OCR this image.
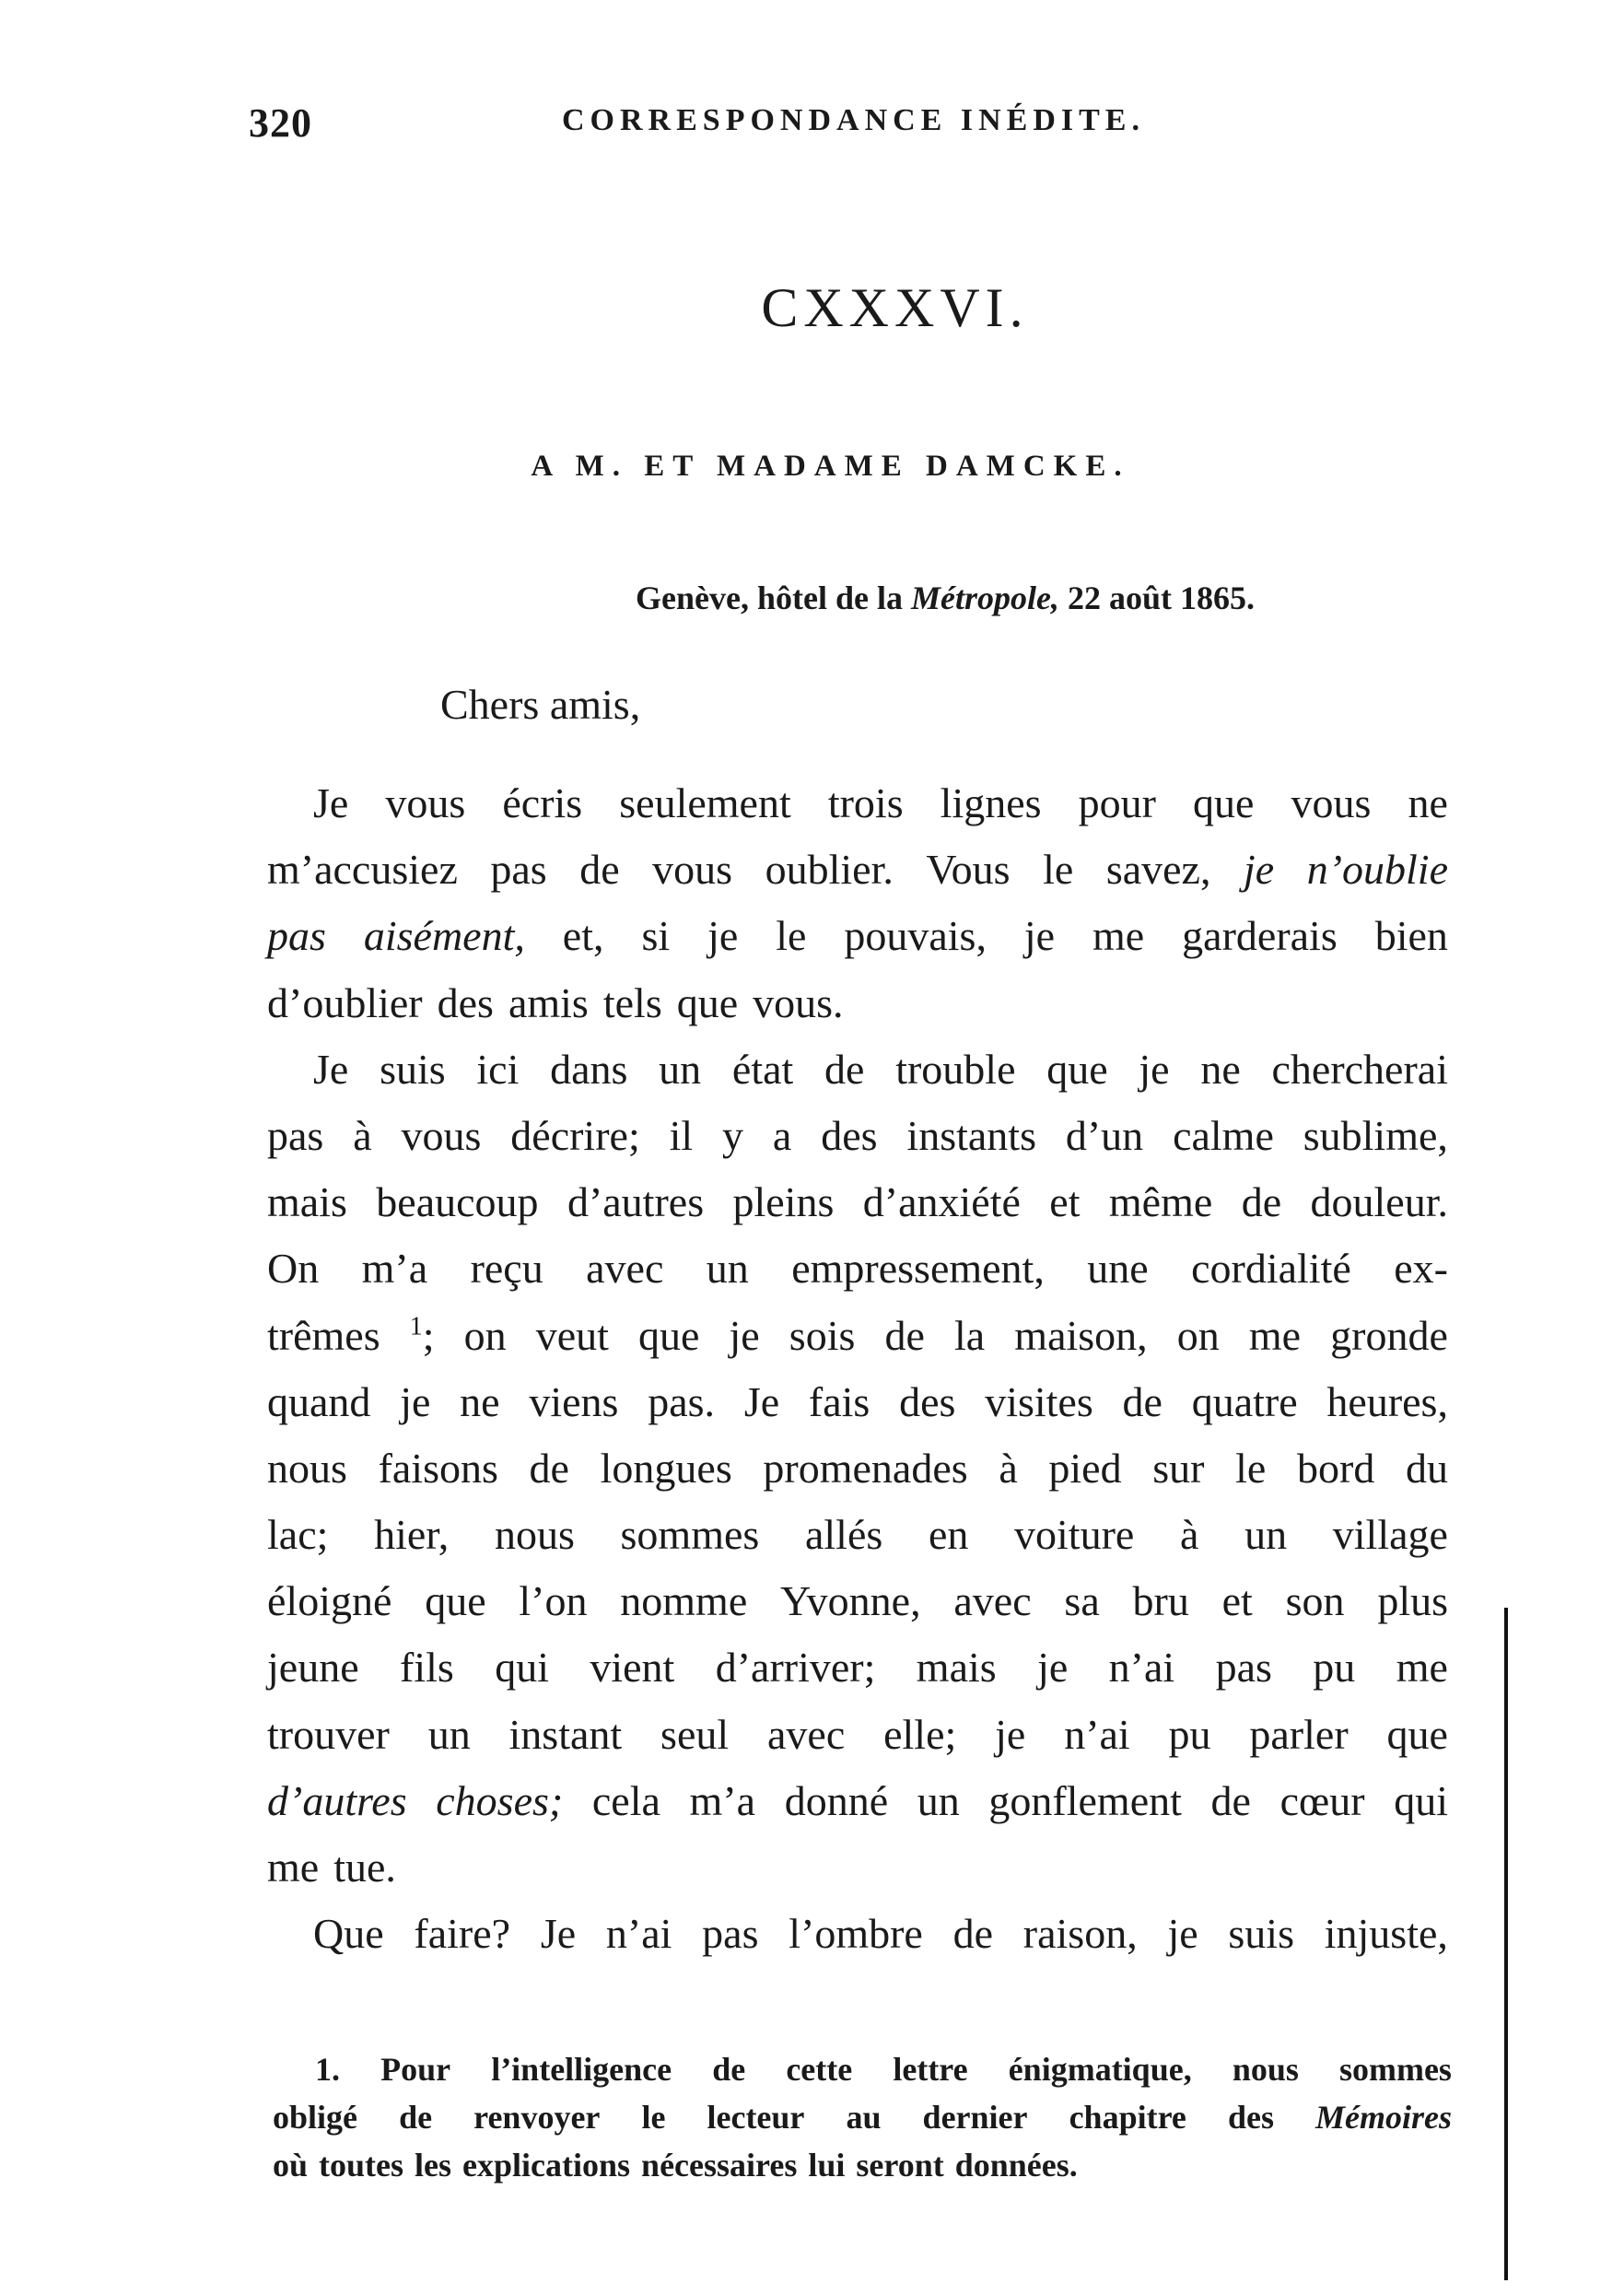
320	CORRESPONDANCE INÉDITE.
CXXXVI.
A M. ET MADAME DAMCKE.
Genève, hôtel de la Métropole, 22 août 1865.
Chers amis,
Je vous écris seulement trois lignes pour que vous ne
m’accusiez pas de vous oublier. Vous le savez, je n’oublie
pas aisément, et, si je le pouvais, je me garderais bien
d’oublier des amis tels que vous.
Je suis ici dans un état de trouble que je ne chercherai
pas à vous décrire; il y a des instants d’un calme sublime,
mais beaucoup d’autres pleins d’anxiété et même de douleur.
On m’a reçu avec un empressement, une cordialité ex-
trêmes $^1$; on veut que je sois de la maison, on me gronde
quand je ne viens pas. Je fais des visites de quatre heures,
nous faisons de longues promenades à pied sur le bord du
lac; hier, nous sommes allés en voiture à un village
éloigné que l’on nomme Yvonne, avec sa bru et son plus
jeune fils qui vient d’arriver; mais je n’ai pas pu me
trouver un instant seul avec elle; je n’ai pu parler que
d’autres choses; cela m’a donné un gonflement de cœur qui
me tue.
Que faire? Je n’ai pas l’ombre de raison, je suis injuste,
1. Pour l’intelligence de cette lettre énigmatique, nous sommes
obligé de renvoyer le lecteur au dernier chapitre des Mémoires
où toutes les explications nécessaires lui seront données.
